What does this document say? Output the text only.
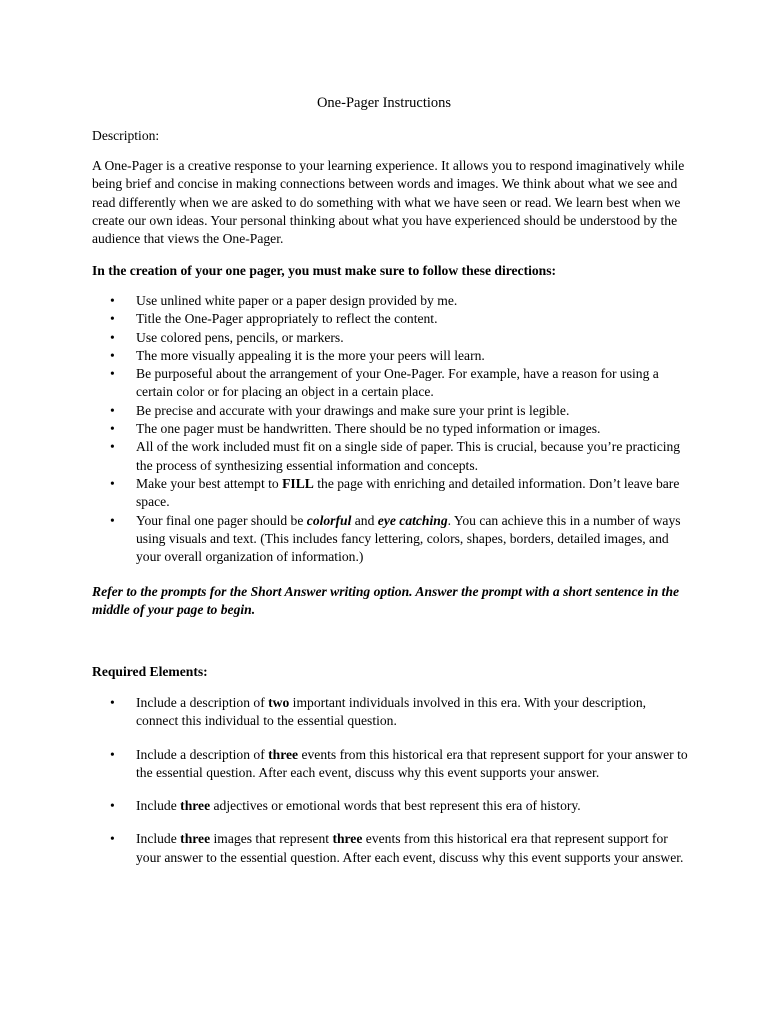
One-Pager Instructions
Description:

A One-Pager is a creative response to your learning experience. It allows you to respond imaginatively while being brief and concise in making connections between words and images. We think about what we see and read differently when we are asked to do something with what we have seen or read. We learn best when we create our own ideas. Your personal thinking about what you have experienced should be understood by the audience that views the One-Pager.

In the creation of your one pager, you must make sure to follow these directions:
• Use unlined white paper or a paper design provided by me.
• Title the One-Pager appropriately to reflect the content.
• Use colored pens, pencils, or markers.
• The more visually appealing it is the more your peers will learn.
• Be purposeful about the arrangement of your One-Pager. For example, have a reason for using a certain color or for placing an object in a certain place.
• Be precise and accurate with your drawings and make sure your print is legible.
• The one pager must be handwritten. There should be no typed information or images.
• All of the work included must fit on a single side of paper. This is crucial, because you’re practicing the process of synthesizing essential information and concepts.
• Make your best attempt to FILL the page with enriching and detailed information. Don’t leave bare space.
• Your final one pager should be colorful and eye catching. You can achieve this in a number of ways using visuals and text. (This includes fancy lettering, colors, shapes, borders, detailed images, and your overall organization of information.)

Refer to the prompts for the Short Answer writing option. Answer the prompt with a short sentence in the middle of your page to begin.

Required Elements:
• Include a description of two important individuals involved in this era. With your description, connect this individual to the essential question.
• Include a description of three events from this historical era that represent support for your answer to the essential question. After each event, discuss why this event supports your answer.
• Include three adjectives or emotional words that best represent this era of history.
• Include three images that represent three events from this historical era that represent support for your answer to the essential question. After each event, discuss why this event supports your answer.
